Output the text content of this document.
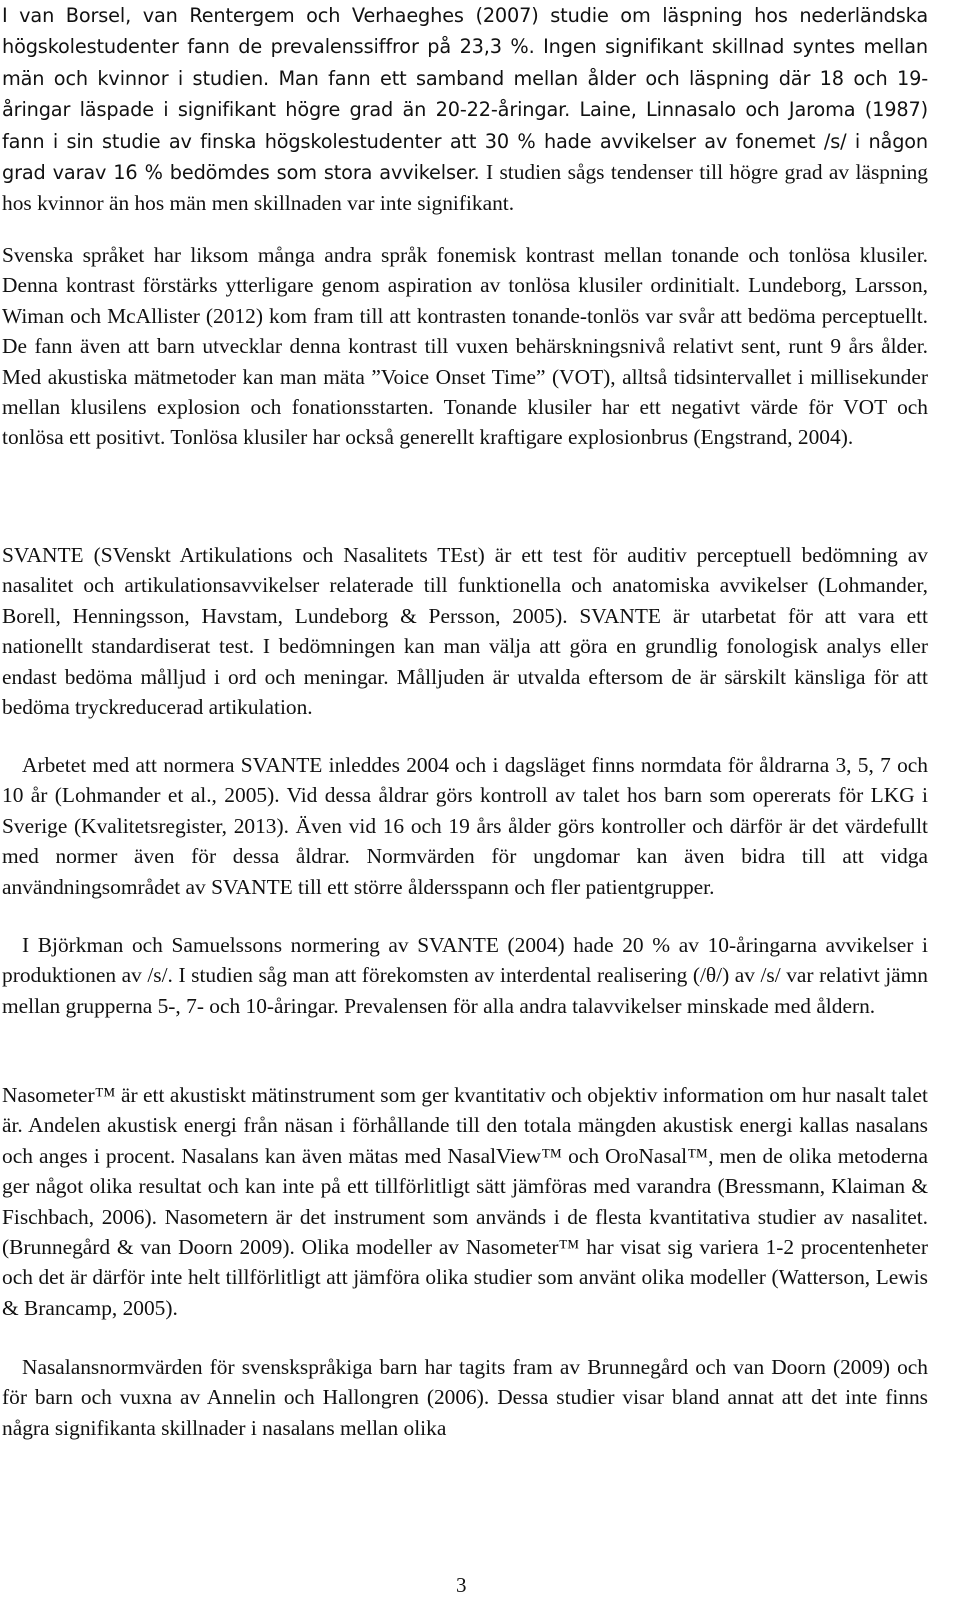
I van Borsel, van Rentergem och Verhaeghes (2007) studie om läspning hos nederländska högskolestudenter fann de prevalenssiffror på 23,3 %. Ingen signifikant skillnad syntes mellan män och kvinnor i studien. Man fann ett samband mellan ålder och läspning där 18 och 19-åringar läspade i signifikant högre grad än 20-22-åringar. Laine, Linnasalo och Jaroma (1987) fann i sin studie av finska högskolestudenter att 30 % hade avvikelser av fonemet /s/ i någon grad varav 16 % bedömdes som stora avvikelser. I studien sågs tendenser till högre grad av läspning hos kvinnor än hos män men skillnaden var inte signifikant.

Svenska språket har liksom många andra språk fonemisk kontrast mellan tonande och tonlösa klusiler. Denna kontrast förstärks ytterligare genom aspiration av tonlösa klusiler ordinitialt. Lundeborg, Larsson, Wiman och McAllister (2012) kom fram till att kontrasten tonande-tonlös var svår att bedöma perceptuellt. De fann även att barn utvecklar denna kontrast till vuxen behärskningsnivå relativt sent, runt 9 års ålder. Med akustiska mätmetoder kan man mäta ”Voice Onset Time” (VOT), alltså tidsintervallet i millisekunder mellan klusilens explosion och fonationsstarten. Tonande klusiler har ett negativt värde för VOT och tonlösa ett positivt. Tonlösa klusiler har också generellt kraftigare explosionbrus (Engstrand, 2004).

SVANTE (SVenskt Artikulations och Nasalitets TEst) är ett test för auditiv perceptuell bedömning av nasalitet och artikulationsavvikelser relaterade till funktionella och anatomiska avvikelser (Lohmander, Borell, Henningsson, Havstam, Lundeborg & Persson, 2005). SVANTE är utarbetat för att vara ett nationellt standardiserat test. I bedömningen kan man välja att göra en grundlig fonologisk analys eller endast bedöma målljud i ord och meningar. Målljuden är utvalda eftersom de är särskilt känsliga för att bedöma tryckreducerad artikulation.

Arbetet med att normera SVANTE inleddes 2004 och i dagsläget finns normdata för åldrarna 3, 5, 7 och 10 år (Lohmander et al., 2005). Vid dessa åldrar görs kontroll av talet hos barn som opererats för LKG i Sverige (Kvalitetsregister, 2013). Även vid 16 och 19 års ålder görs kontroller och därför är det värdefullt med normer även för dessa åldrar. Normvärden för ungdomar kan även bidra till att vidga användningsområdet av SVANTE till ett större åldersspann och fler patientgrupper.

I Björkman och Samuelssons normering av SVANTE (2004) hade 20 % av 10-åringarna avvikelser i produktionen av /s/. I studien såg man att förekomsten av interdental realisering (/θ/) av /s/ var relativt jämn mellan grupperna 5-, 7- och 10-åringar. Prevalensen för alla andra talavvikelser minskade med åldern.

Nasometer™ är ett akustiskt mätinstrument som ger kvantitativ och objektiv information om hur nasalt talet är. Andelen akustisk energi från näsan i förhållande till den totala mängden akustisk energi kallas nasalans och anges i procent. Nasalans kan även mätas med NasalView™ och OroNasal™, men de olika metoderna ger något olika resultat och kan inte på ett tillförlitligt sätt jämföras med varandra (Bressmann, Klaiman & Fischbach, 2006). Nasometern är det instrument som används i de flesta kvantitativa studier av nasalitet. (Brunnegård & van Doorn 2009). Olika modeller av Nasometer™ har visat sig variera 1-2 procentenheter och det är därför inte helt tillförlitligt att jämföra olika studier som använt olika modeller (Watterson, Lewis & Brancamp, 2005).

Nasalansnormvärden för svenskspråkiga barn har tagits fram av Brunnegård och van Doorn (2009) och för barn och vuxna av Annelin och Hallongren (2006). Dessa studier visar bland annat att det inte finns några signifikanta skillnader i nasalans mellan olika

3
